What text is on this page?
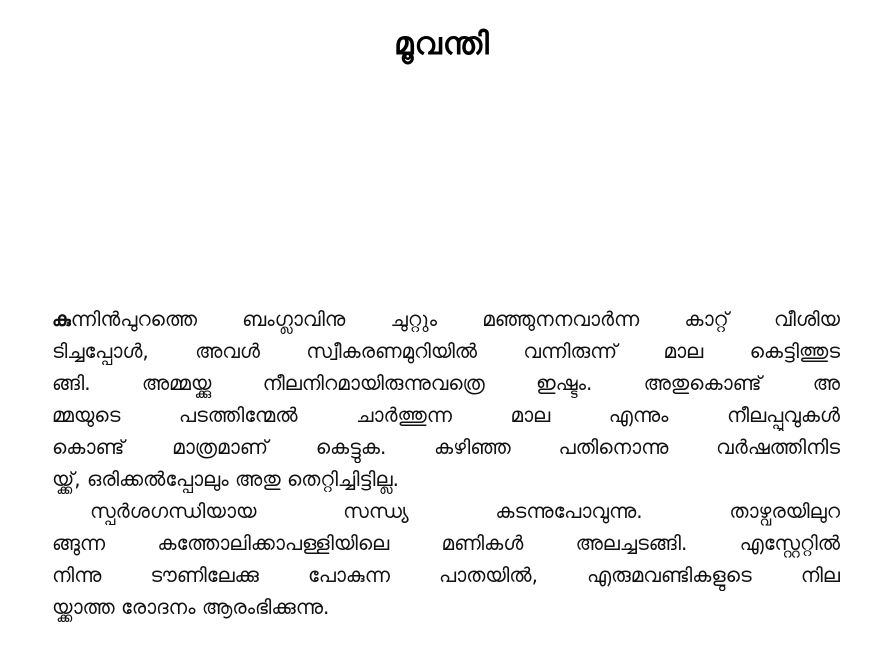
മൂവന്തി
കുന്നിൻപുറത്തെ ബംഗ്ലാവിനു ചുറ്റും മഞ്ഞുനനവാർന്ന കാറ്റ് വീശിയ
ടിച്ചപ്പോൾ, അവൾ സ്വീകരണമുറിയിൽ വന്നിരുന്ന് മാല കെട്ടിത്തുട
ങ്ങി. അമ്മയ്ക്കു നീലനിറമായിരുന്നുവത്രെ ഇഷ്ടം. അതുകൊണ്ട് അ
മ്മയുടെ പടത്തിന്മേൽ ചാർത്തുന്ന മാല എന്നും നീലപ്പൂവുകൾ
കൊണ്ട് മാത്രമാണ് കെട്ടുക. കഴിഞ്ഞ പതിനൊന്നു വർഷത്തിനിട
യ്ക്ക്, ഒരിക്കൽപ്പോലും അതു തെറ്റിച്ചിട്ടില്ല.
സ്പർശഗന്ധിയായ സന്ധ്യ കടന്നുപോവുന്നു. താഴ്വരയിലുറ
ങ്ങുന്ന കത്തോലിക്കാപള്ളിയിലെ മണികൾ അലച്ചടങ്ങി. എസ്റ്റേറ്റിൽ
നിന്നു ടൗണിലേക്കു പോകുന്ന പാതയിൽ, എരുമവണ്ടികളുടെ നില
യ്ക്കാത്ത രോദനം ആരംഭിക്കുന്നു.
